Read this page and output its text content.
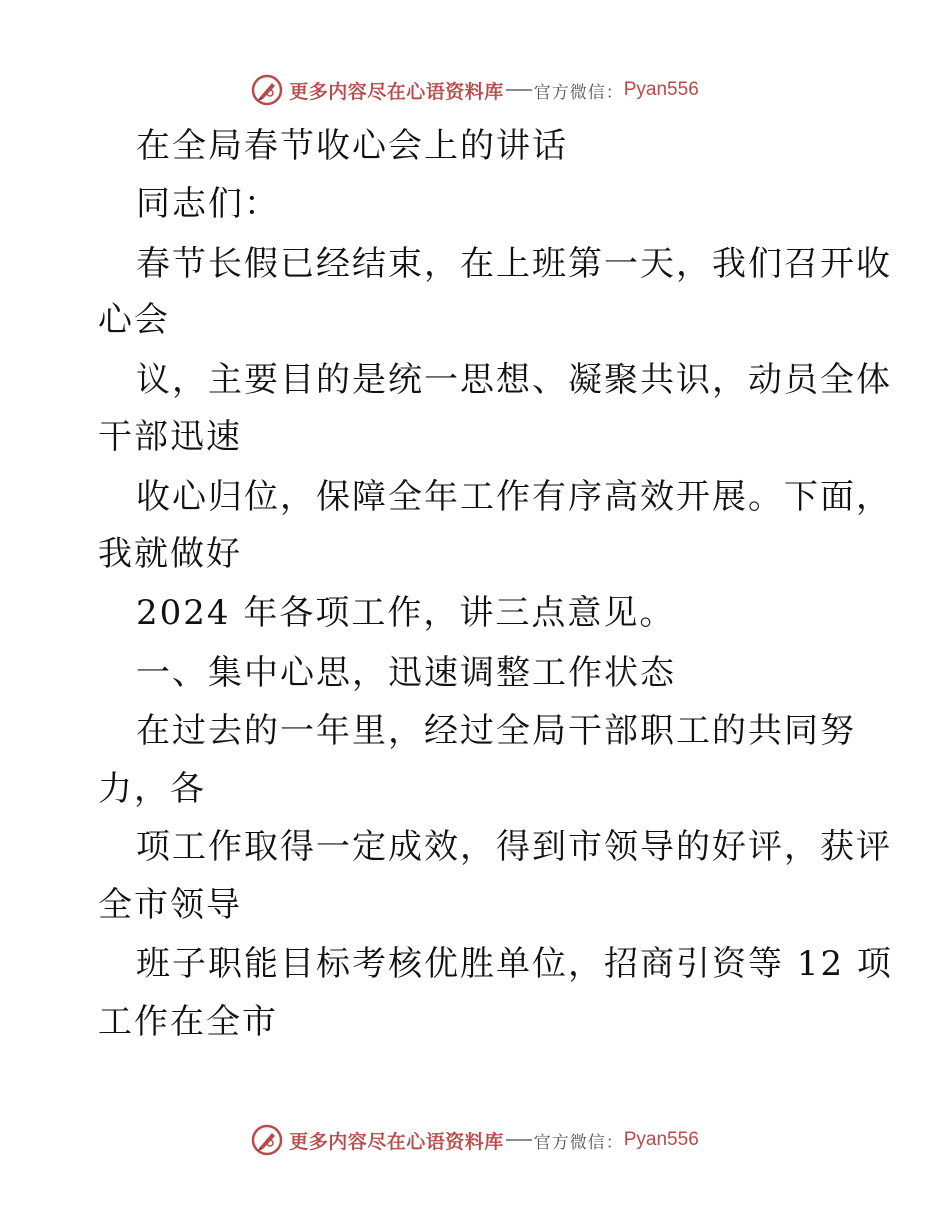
更多内容尽在心语资料库 官方微信： Pyan556
在全局春节收心会上的讲话
同志们：
春节长假已经结束，在上班第一天，我们召开收
心会
议，主要目的是统一思想、凝聚共识，动员全体
干部迅速
收心归位，保障全年工作有序高效开展。下面，
我就做好
2024 年各项工作，讲三点意见。
一、集中心思，迅速调整工作状态
在过去的一年里，经过全局干部职工的共同努
力，各
项工作取得一定成效，得到市领导的好评，获评
全市领导
班子职能目标考核优胜单位，招商引资等 12 项
工作在全市
更多内容尽在心语资料库 官方微信： Pyan556
